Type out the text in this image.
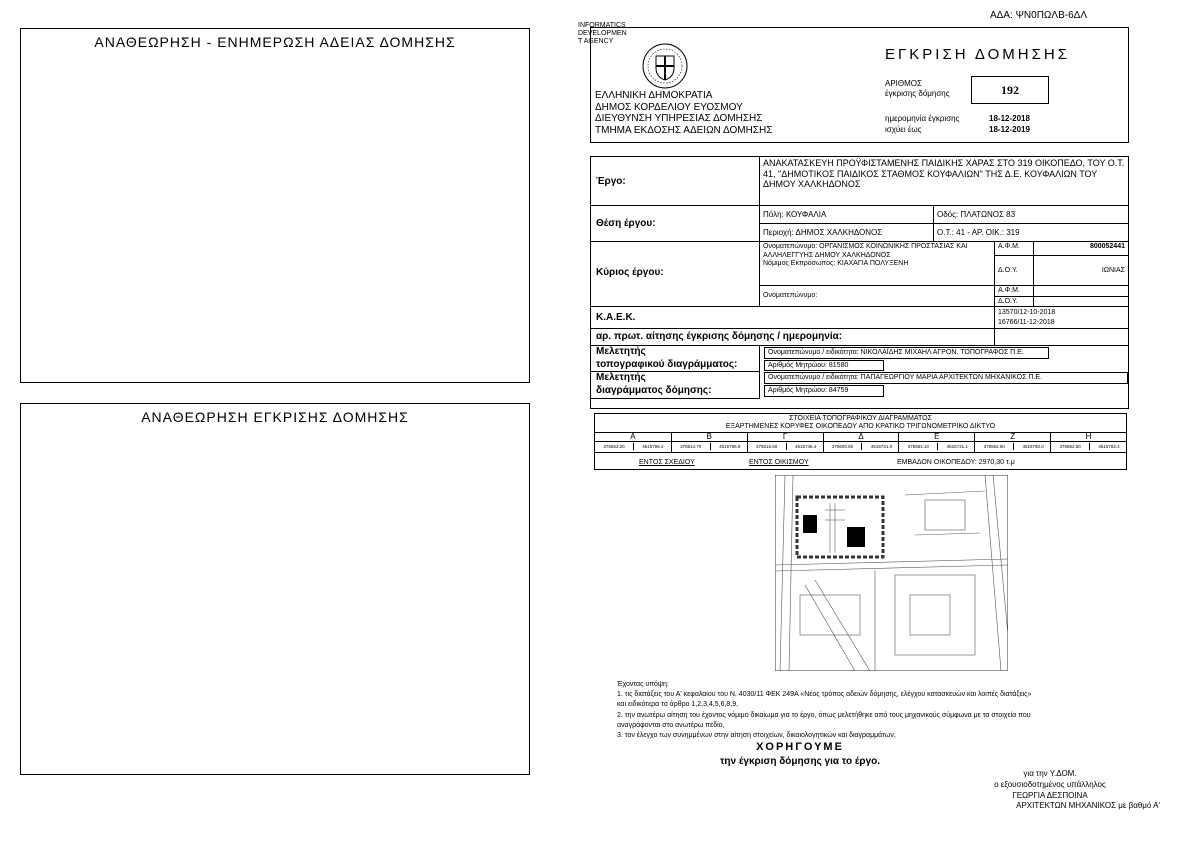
ΑΔΑ: ΨΝ0ΠΩΛΒ-6ΔΛ
ΑΝΑΘΕΩΡΗΣΗ - ΕΝΗΜΕΡΩΣΗ ΑΔΕΙΑΣ ΔΟΜΗΣΗΣ
ΑΝΑΘΕΩΡΗΣΗ ΕΓΚΡΙΣΗΣ ΔΟΜΗΣΗΣ
INFORMATICS
DEVELOPMEN
T AGENCY
ΕΛΛΗΝΙΚΗ ΔΗΜΟΚΡΑΤΙΑ
ΔΗΜΟΣ ΚΟΡΔΕΛΙΟΥ ΕΥΟΣΜΟΥ
ΔΙΕΥΘΥΝΣΗ ΥΠΗΡΕΣΙΑΣ ΔΟΜΗΣΗΣ
ΤΜΗΜΑ ΕΚΔΟΣΗΣ ΑΔΕΙΩΝ ΔΟΜΗΣΗΣ
ΕΓΚΡΙΣΗ ΔΟΜΗΣΗΣ
ΑΡΙΘΜΟΣ
έγκρισης δόμησης	192
ημερομηνία έγκρισης	18-12-2018
ισχύει έως	18-12-2019
Έργο:
ΑΝΑΚΑΤΑΣΚΕΥΗ ΠΡΟΫΦΙΣΤΑΜΕΝΗΣ ΠΑΙΔΙΚΗΣ ΧΑΡΑΣ ΣΤΟ 319 ΟΙΚΟΠΕΔΟ, ΤΟΥ Ο.Τ. 41, "ΔΗΜΟΤΙΚΟΣ ΠΑΙΔΙΚΟΣ ΣΤΑΘΜΟΣ ΚΟΥΦΑΛΙΩΝ" ΤΗΣ Δ.Ε. ΚΟΥΦΑΛΙΩΝ ΤΟΥ ΔΗΜΟΥ ΧΑΛΚΗΔΟΝΟΣ
Θέση έργου:
Πόλη: ΚΟΥΦΑΛΙΑ	Οδός: ΠΛΑΤΩΝΟΣ 83
Περιοχή: ΔΗΜΟΣ ΧΑΛΚΗΔΟΝΟΣ	Ο.Τ.: 41 - ΑΡ. ΟΙΚ.: 319
Κύριος έργου:
Ονοματεπώνυμο: ΟΡΓΑΝΙΣΜΟΣ ΚΟΙΝΩΝΙΚΗΣ ΠΡΟΣΤΑΣΙΑΣ ΚΑΙ ΑΛΛΗΛΕΓΓΥΗΣ ΔΗΜΟΥ ΧΑΛΚΗΔΟΝΟΣ
Νόμιμος Εκπρόσωπος: ΚΙΑΧΑΓΙΑ ΠΟΛΥΞΕΝΗ
Α.Φ.Μ.	800052441
Δ.Ο.Υ.	ΙΩΝΙΑΣ
Ονοματεπώνυμο:
Α.Φ.Μ.
Δ.Ο.Υ.
Κ.Α.Ε.Κ.	13570/12-10-2018
16766/11-12-2018
αρ. πρωτ. αίτησης έγκρισης δόμησης / ημερομηνία:
Μελετητής
τοπογραφικού διαγράμματος:
Ονοματεπώνυμο / ειδικότητα: ΝΙΚΟΛΑΪΔΗΣ ΜΙΧΑΗΛ ΑΓΡΟΝ. ΤΟΠΟΓΡΑΦΟΣ Π.Ε.
Αριθμός Μητρώου: 81580
Μελετητής
διαγράμματος δόμησης:
Ονοματεπώνυμο / ειδικότητα: ΠΑΠΑΓΕΩΡΓΙΟΥ ΜΑΡΙΑ ΑΡΧΙΤΕΚΤΩΝ ΜΗΧΑΝΙΚΟΣ Π.Ε.
Αριθμός Μητρώου: 84759
ΣΤΟΙΧΕΙΑ ΤΟΠΟΓΡΑΦΙΚΟΥ ΔΙΑΓΡΑΜΜΑΤΟΣ
ΕΞΑΡΤΗΜΕΝΕΣ ΚΟΡΥΦΕΣ ΟΙΚΟΠΕΔΟΥ ΑΠΟ ΚΡΑΤΙΚΟ ΤΡΙΓΩΝΟΜΕΤΡΙΚΟ ΔΙΚΤΥΟ
Α
375563.20	4515796.4
Β
375614.70	4515796.9
Γ
375615.60	4515746.4
Δ
375600.80	4515731.0
Ε
375564.10	4515731.1
Ζ
375562.50	4515760.0
Η
375562.50	4515782.4
ΕΝΤΟΣ ΣΧΕΔΙΟΥ	ΕΝΤΟΣ ΟΙΚΙΣΜΟΥ	ΕΜΒΑΔΟΝ ΟΙΚΟΠΕΔΟΥ: 2970,30 τ.μ
Έχοντας υπόψη:
1. τις διατάξεις του Α' κεφαλαίου του Ν. 4030/11 ΦΕΚ 249Α «Νέος τρόπος αδειών δόμησης, ελέγχου κατασκευών και λοιπές διατάξεις»
και ειδικότερα το άρθρο 1,2,3,4,5,6,8,9,
2. την ανωτέρω αίτηση του έχοντος νόμιμο δικαίωμα για το έργο, όπως μελετήθηκε από τους μηχανικούς σύμφωνα με τα στοιχεία που
αναγράφονται στο ανωτέρω πεδίο,
3. τον έλεγχο των συνημμένων στην αίτηση στοιχείων, δικαιολογητικών και διαγραμμάτων,
ΧΟΡΗΓΟΥΜΕ
την έγκριση δόμησης για το έργο.
για την Υ.ΔΟΜ.
ο εξουσιοδοτημένος υπάλληλος
ΓΕΩΡΓΙΑ ΔΕΣΠΟΙΝΑ
ΑΡΧΙΤΕΚΤΩΝ ΜΗΧΑΝΙΚΟΣ με βαθμό Α'
